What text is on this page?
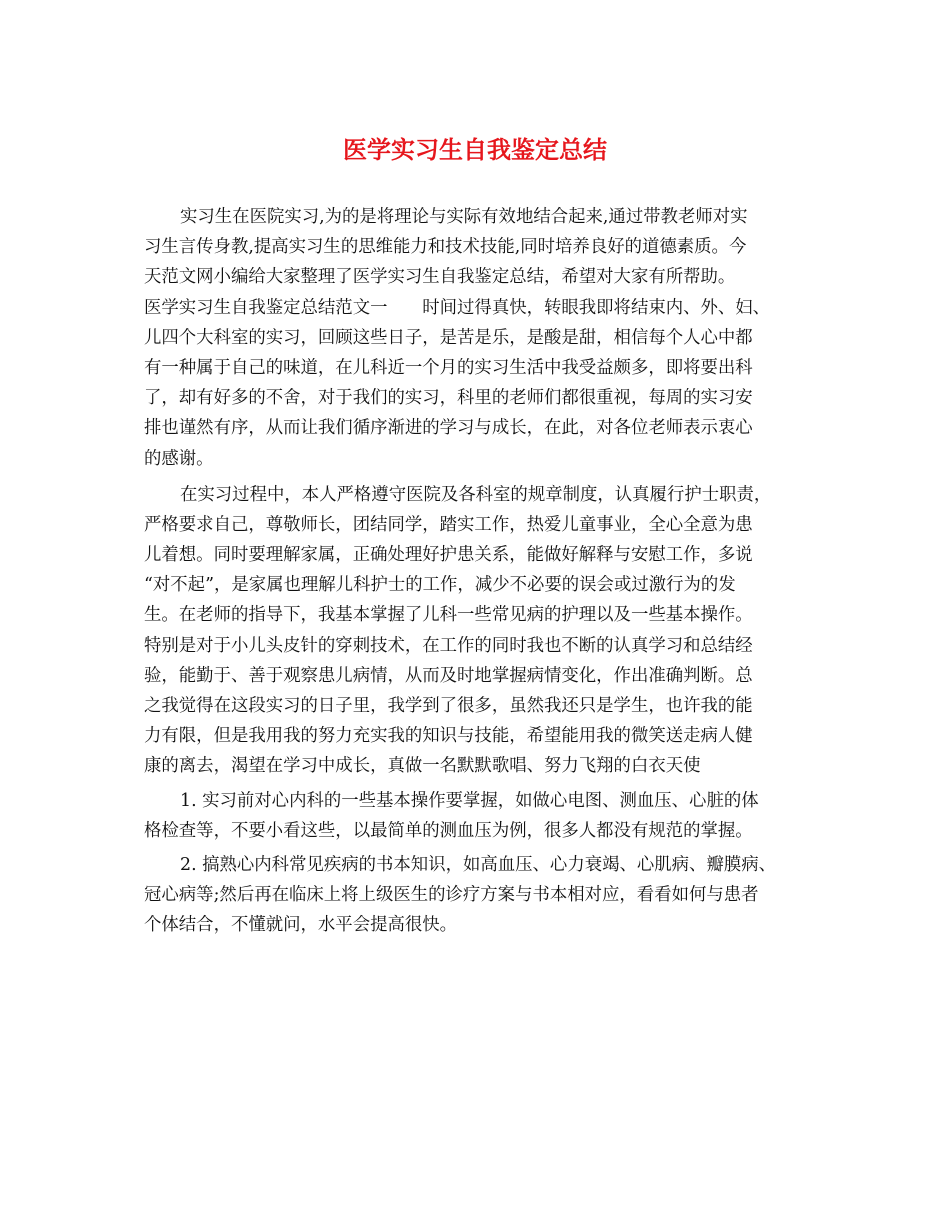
医学实习生自我鉴定总结
实习生在医院实习,为的是将理论与实际有效地结合起来,通过带教老师对实
习生言传身教,提高实习生的思维能力和技术技能,同时培养良好的道德素质。今
天范文网小编给大家整理了医学实习生自我鉴定总结，希望对大家有所帮助。
医学实习生自我鉴定总结范文一　　时间过得真快，转眼我即将结束内、外、妇、
儿四个大科室的实习，回顾这些日子，是苦是乐，是酸是甜，相信每个人心中都
有一种属于自己的味道，在儿科近一个月的实习生活中我受益颇多，即将要出科
了，却有好多的不舍，对于我们的实习，科里的老师们都很重视，每周的实习安
排也谨然有序，从而让我们循序渐进的学习与成长，在此，对各位老师表示衷心
的感谢。
在实习过程中，本人严格遵守医院及各科室的规章制度，认真履行护士职责，
严格要求自己，尊敬师长，团结同学，踏实工作，热爱儿童事业，全心全意为患
儿着想。同时要理解家属，正确处理好护患关系，能做好解释与安慰工作，多说
“对不起”，是家属也理解儿科护士的工作，减少不必要的误会或过激行为的发
生。在老师的指导下，我基本掌握了儿科一些常见病的护理以及一些基本操作。
特别是对于小儿头皮针的穿刺技术，在工作的同时我也不断的认真学习和总结经
验，能勤于、善于观察患儿病情，从而及时地掌握病情变化，作出准确判断。总
之我觉得在这段实习的日子里，我学到了很多，虽然我还只是学生，也许我的能
力有限，但是我用我的努力充实我的知识与技能，希望能用我的微笑送走病人健
康的离去，渴望在学习中成长，真做一名默默歌唱、努力飞翔的白衣天使
1. 实习前对心内科的一些基本操作要掌握，如做心电图、测血压、心脏的体
格检查等，不要小看这些，以最简单的测血压为例，很多人都没有规范的掌握。
2. 搞熟心内科常见疾病的书本知识，如高血压、心力衰竭、心肌病、瓣膜病、
冠心病等;然后再在临床上将上级医生的诊疗方案与书本相对应，看看如何与患者
个体结合，不懂就问，水平会提高很快。
